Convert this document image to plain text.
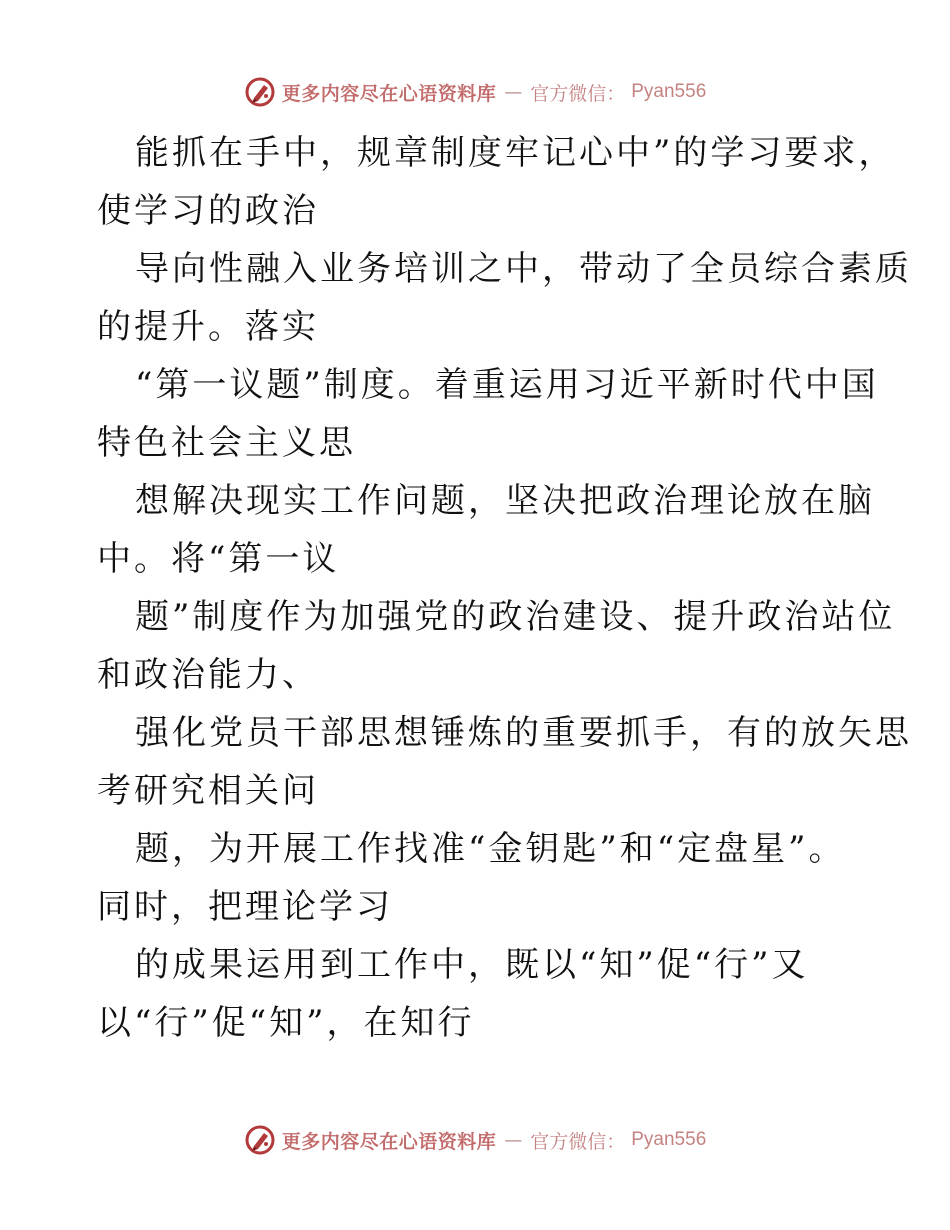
更多内容尽在心语资料库 — 官方微信： Pyan556

能抓在手中，规章制度牢记心中”的学习要求，

使学习的政治

导向性融入业务培训之中，带动了全员综合素质

的提升。落实

“第一议题”制度。着重运用习近平新时代中国

特色社会主义思

想解决现实工作问题，坚决把政治理论放在脑

中。将“第一议

题”制度作为加强党的政治建设、提升政治站位

和政治能力、

强化党员干部思想锤炼的重要抓手，有的放矢思

考研究相关问

题，为开展工作找准“金钥匙”和“定盘星”。

同时，把理论学习

的成果运用到工作中，既以“知”促“行”又

以“行”促“知”，在知行

更多内容尽在心语资料库 — 官方微信： Pyan556
